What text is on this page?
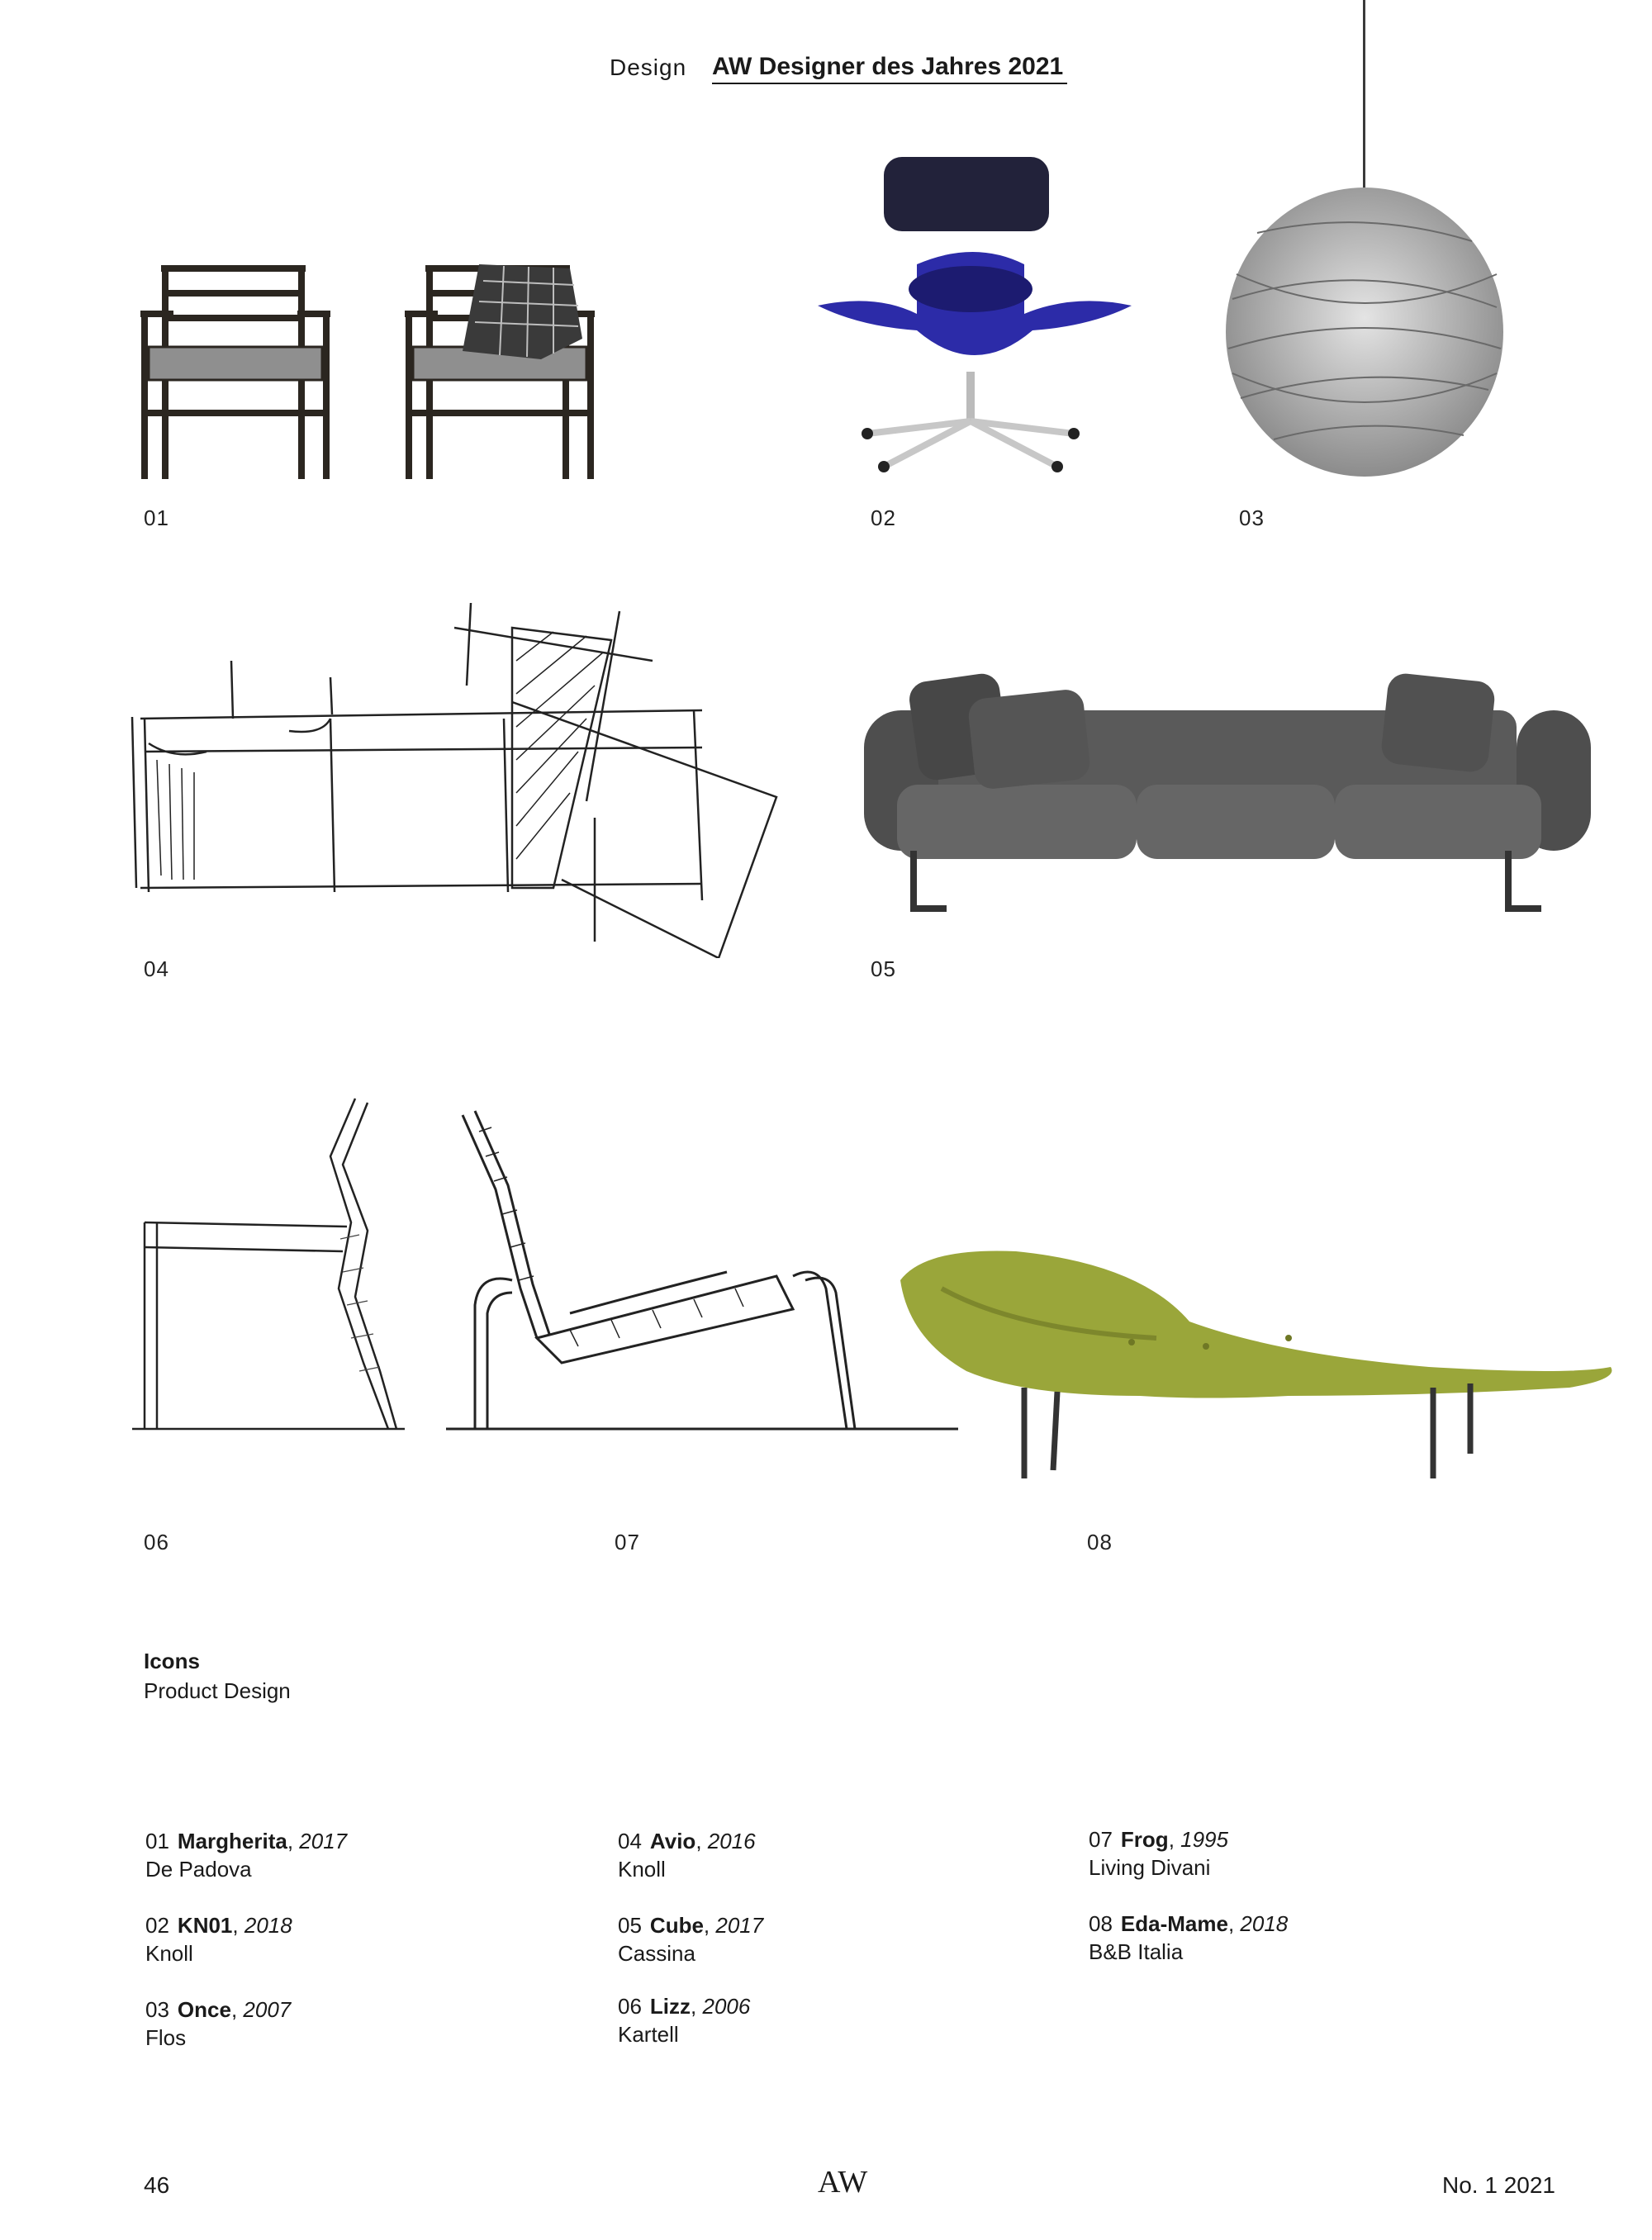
Design AW Designer des Jahres 2021
01	02	03
04	05
06	07	08
Icons
Product Design
01 Margherita, 2017
De Padova
02 KN01, 2018
Knoll
03 Once, 2007
Flos
04 Avio, 2016
Knoll
05 Cube, 2017
Cassina
06 Lizz, 2006
Kartell
07 Frog, 1995
Living Divani
08 Eda-Mame, 2018
B&B Italia
46	AW	No. 1 2021
